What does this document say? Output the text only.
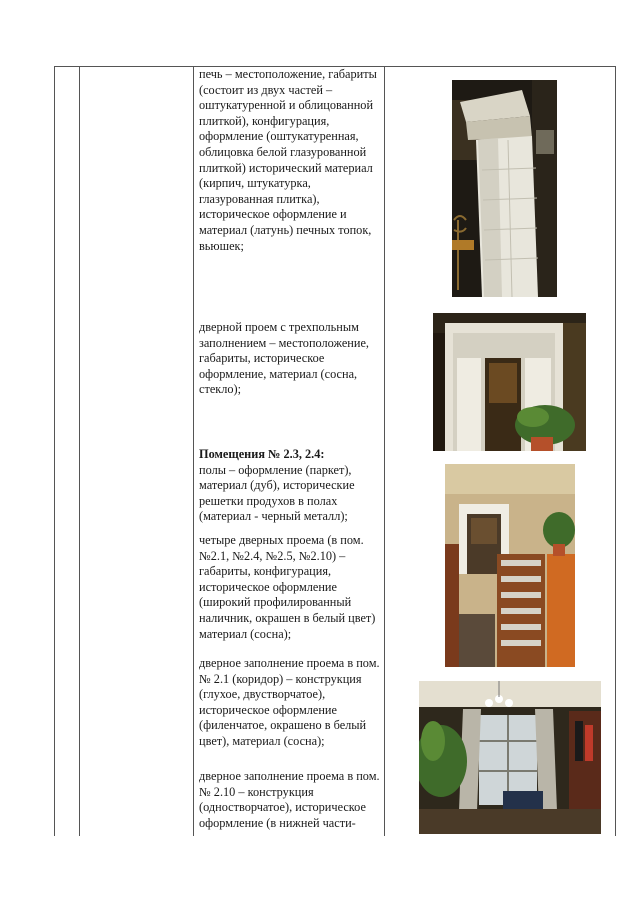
печь – местоположение, габариты (состоит из двух частей – оштукатуренной и облицованной плиткой), конфигурация, оформление (оштукатуренная, облицовка белой глазурованной плиткой) исторический материал (кирпич, штукатурка, глазурованная плитка), историческое оформление и материал (латунь) печных топок, вьюшек;

дверной проем с трехпольным заполнением – местоположение, габариты, историческое оформление, материал (сосна, стекло);

Помещения № 2.3, 2.4:
полы – оформление (паркет), материал (дуб), исторические решетки продухов в полах (материал - черный металл);

четыре дверных проема (в пом. №2.1, №2.4, №2.5, №2.10) – габариты, конфигурация, историческое оформление (широкий профилированный наличник, окрашен в белый цвет) материал (сосна);

дверное заполнение проема в пом. № 2.1 (коридор) – конструкция (глухое, двустворчатое), историческое оформление (филенчатое, окрашено в белый цвет), материал (сосна);

дверное заполнение проема в пом. № 2.10 – конструкция (одностворчатое), историческое оформление (в нижней части-
